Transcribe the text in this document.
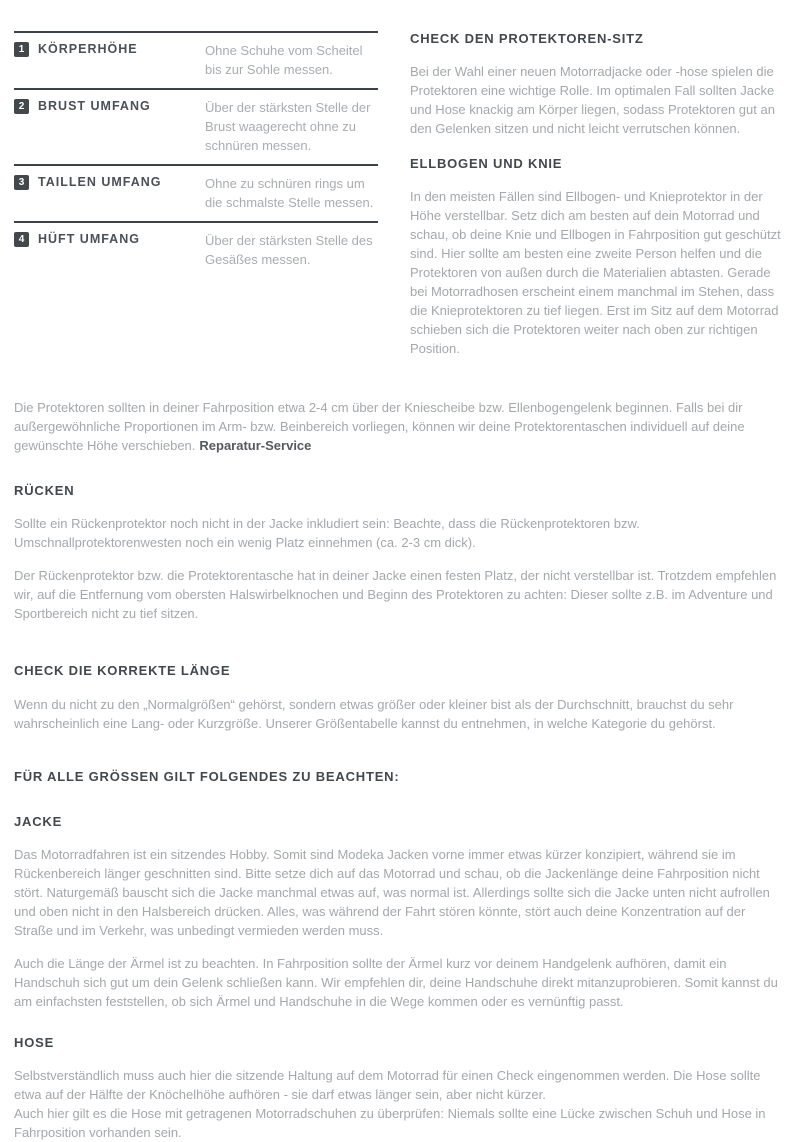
1	KÖRPERHÖHE	Ohne Schuhe vom Scheitel bis zur Sohle messen.
2	BRUST UMFANG	Über der stärksten Stelle der Brust waagerecht ohne zu schnüren messen.
3	TAILLEN UMFANG	Ohne zu schnüren rings um die schmalste Stelle messen.
4	HÜFT UMFANG	Über der stärksten Stelle des Gesäßes messen.
CHECK DEN PROTEKTOREN-SITZ
Bei der Wahl einer neuen Motorradjacke oder -hose spielen die Protektoren eine wichtige Rolle. Im optimalen Fall sollten Jacke und Hose knackig am Körper liegen, sodass Protektoren gut an den Gelenken sitzen und nicht leicht verrutschen können.
ELLBOGEN UND KNIE
In den meisten Fällen sind Ellbogen- und Knieprotektor in der Höhe verstellbar. Setz dich am besten auf dein Motorrad und schau, ob deine Knie und Ellbogen in Fahrposition gut geschützt sind. Hier sollte am besten eine zweite Person helfen und die Protektoren von außen durch die Materialien abtasten. Gerade bei Motorradhosen erscheint einem manchmal im Stehen, dass die Knieprotektoren zu tief liegen. Erst im Sitz auf dem Motorrad schieben sich die Protektoren weiter nach oben zur richtigen Position.
Die Protektoren sollten in deiner Fahrposition etwa 2-4 cm über der Kniescheibe bzw. Ellenbogengelenk beginnen. Falls bei dir außergewöhnliche Proportionen im Arm- bzw. Beinbereich vorliegen, können wir deine Protektorentaschen individuell auf deine gewünschte Höhe verschieben. Reparatur-Service
RÜCKEN
Sollte ein Rückenprotektor noch nicht in der Jacke inkludiert sein: Beachte, dass die Rückenprotektoren bzw. Umschnallprotektorenwesten noch ein wenig Platz einnehmen (ca. 2-3 cm dick).
Der Rückenprotektor bzw. die Protektorentasche hat in deiner Jacke einen festen Platz, der nicht verstellbar ist. Trotzdem empfehlen wir, auf die Entfernung vom obersten Halswirbelknochen und Beginn des Protektoren zu achten: Dieser sollte z.B. im Adventure und Sportbereich nicht zu tief sitzen.
CHECK DIE KORREKTE LÄNGE
Wenn du nicht zu den „Normalgrößen“ gehörst, sondern etwas größer oder kleiner bist als der Durchschnitt, brauchst du sehr wahrscheinlich eine Lang- oder Kurzgröße. Unserer Größentabelle kannst du entnehmen, in welche Kategorie du gehörst.
FÜR ALLE GRÖSSEN GILT FOLGENDES ZU BEACHTEN:
JACKE
Das Motorradfahren ist ein sitzendes Hobby. Somit sind Modeka Jacken vorne immer etwas kürzer konzipiert, während sie im Rückenbereich länger geschnitten sind. Bitte setze dich auf das Motorrad und schau, ob die Jackenlänge deine Fahrposition nicht stört. Naturgemäß bauscht sich die Jacke manchmal etwas auf, was normal ist. Allerdings sollte sich die Jacke unten nicht aufrollen und oben nicht in den Halsbereich drücken. Alles, was während der Fahrt stören könnte, stört auch deine Konzentration auf der Straße und im Verkehr, was unbedingt vermieden werden muss.
Auch die Länge der Ärmel ist zu beachten. In Fahrposition sollte der Ärmel kurz vor deinem Handgelenk aufhören, damit ein Handschuh sich gut um dein Gelenk schließen kann. Wir empfehlen dir, deine Handschuhe direkt mitanzuprobieren. Somit kannst du am einfachsten feststellen, ob sich Ärmel und Handschuhe in die Wege kommen oder es vernünftig passt.
HOSE
Selbstverständlich muss auch hier die sitzende Haltung auf dem Motorrad für einen Check eingenommen werden. Die Hose sollte etwa auf der Hälfte der Knöchelhöhe aufhören - sie darf etwas länger sein, aber nicht kürzer.
Auch hier gilt es die Hose mit getragenen Motorradschuhen zu überprüfen: Niemals sollte eine Lücke zwischen Schuh und Hose in Fahrposition vorhanden sein.
